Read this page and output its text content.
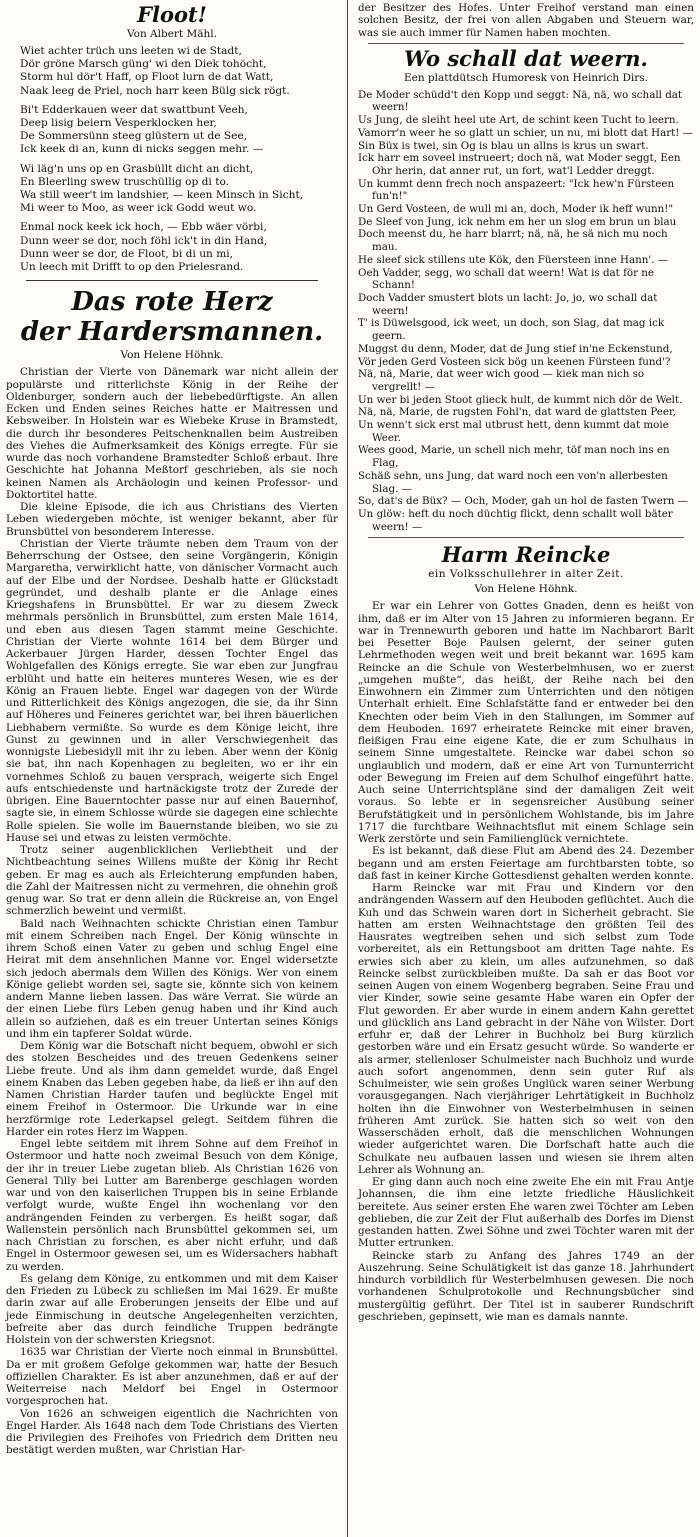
Floot!
Von Albert Mähl.
Wiet achter trüch uns leeten wi de Stadt,
Dör gröne Marsch güng' wi den Diek tohöcht,
Storm hul dör't Haff, op Floot lurn de dat Watt,
Naak leeg de Priel, noch harr keen Bülg sick rögt.
Bi't Edderkauen weer dat swattbunt Veeh,
Deep lisig beiern Vesperklocken her,
De Sommersünn steeg glüstern ut de See,
Ick keek di an, kunn di nicks seggen mehr. —
Wi läg'n uns op en Grasbüllt dicht an dicht,
En Bleerling swew truschüllig op di to.
Wa still weer't im landshier, — keen Minsch in Sicht,
Mi weer to Moo, as weer ick Godd weut wo.
Enmal nock keek ick hoch, — Ebb wäer vörbi,
Dunn weer se dor, noch föhl ick't in din Hand,
Dunn weer se dor, de Floot, bi di un mi,
Un leech mit Drifft to op den Prielesrand.
Das rote Herz
der Hardersmannen.
Von Helene Höhnk.

Christian der Vierte von Dänemark war nicht allein der populärste und ritterlichste König in der Reihe der Oldenburger, sondern auch der liebebedürftigste. An allen Ecken und Enden seines Reiches hatte er Maitressen und Kebsweiber. In Holstein war es Wiebeke Kruse in Bramstedt, die durch ihr besonderes Peitschenknallen beim Austreiben des Viehes die Aufmerksamkeit des Königs erregte. Für sie wurde das noch vorhandene Bramstedter Schloß erbaut. Ihre Geschichte hat Johanna Meßtorf geschrieben, als sie noch keinen Namen als Archäologin und keinen Professor- und Doktortitel hatte.

Die kleine Episode, die ich aus Christians des Vierten Leben wiedergeben möchte, ist weniger bekannt, aber für Brunsbüttel von besonderem Interesse.

Christian der Vierte träumte neben dem Traum von der Beherrschung der Ostsee, den seine Vorgängerin, Königin Margaretha, verwirklicht hatte, von dänischer Vormacht auch auf der Elbe und der Nordsee. Deshalb hatte er Glückstadt gegründet, und deshalb plante er die Anlage eines Kriegshafens in Brunsbüttel. Er war zu diesem Zweck mehrmals persönlich in Brunsbüttel, zum ersten Male 1614, und eben aus diesen Tagen stammt meine Geschichte. Christian der Vierte wohnte 1614 bei dem Bürger und Ackerbauer Jürgen Harder, dessen Tochter Engel das Wohlgefallen des Königs erregte. Sie war eben zur Jungfrau erblüht und hatte ein heiteres munteres Wesen, wie es der König an Frauen liebte. Engel war dagegen von der Würde und Ritterlichkeit des Königs angezogen, die sie, da ihr Sinn auf Höheres und Feineres gerichtet war, bei ihren bäuerlichen Liebhabern vermißte. So wurde es dem Könige leicht, ihre Gunst zu gewinnen und in aller Verschwiegenheit das wonnigste Liebesidyll mit ihr zu leben. Aber wenn der König sie bat, ihn nach Kopenhagen zu begleiten, wo er ihr ein vornehmes Schloß zu bauen versprach, weigerte sich Engel aufs entschiedenste und hartnäckigste trotz der Zurede der übrigen. Eine Bauerntochter passe nur auf einen Bauernhof, sagte sie, in einem Schlosse würde sie dagegen eine schlechte Rolle spielen. Sie wolle im Bauernstande bleiben, wo sie zu Hause sei und etwas zu leisten vermöchte.

Trotz seiner augenblicklichen Verliebtheit und der Nichtbeachtung seines Willens mußte der König ihr Recht geben. Er mag es auch als Erleichterung empfunden haben, die Zahl der Maitressen nicht zu vermehren, die ohnehin groß genug war. So trat er denn allein die Rückreise an, von Engel schmerzlich beweint und vermißt.

Bald nach Weihnachten schickte Christian einen Tambur mit einem Schreiben nach Engel. Der König wünschte in ihrem Schoß einen Vater zu geben und schlug Engel eine Heirat mit dem ansehnlichen Manne vor. Engel widersetzte sich jedoch abermals dem Willen des Königs. Wer von einem Könige geliebt worden sei, sagte sie, könnte sich von keinem andern Manne lieben lassen. Das wäre Verrat. Sie würde an der einen Liebe fürs Leben genug haben und ihr Kind auch allein so aufziehen, daß es ein treuer Untertan seines Königs und ihm ein tapferer Soldat würde.

Dem König war die Botschaft nicht bequem, obwohl er sich des stolzen Bescheides und des treuen Gedenkens seiner Liebe freute. Und als ihm dann gemeldet wurde, daß Engel einem Knaben das Leben gegeben habe, da ließ er ihn auf den Namen Christian Harder taufen und beglückte Engel mit einem Freihof in Ostermoor. Die Urkunde war in eine herzförmige rote Lederkapsel gelegt. Seitdem führen die Harder ein rotes Herz im Wappen.

Engel lebte seitdem mit ihrem Sohne auf dem Freihof in Ostermoor und hatte noch zweimal Besuch von dem Könige, der ihr in treuer Liebe zugetan blieb. Als Christian 1626 von General Tilly bei Lutter am Barenberge geschlagen worden war und von den kaiserlichen Truppen bis in seine Erblande verfolgt wurde, wußte Engel ihn wochenlang vor den andrängenden Feinden zu verbergen. Es heißt sogar, daß Wallenstein persönlich nach Brunsbüttel gekommen sei, um nach Christian zu forschen, es aber nicht erfuhr, und daß Engel in Ostermoor gewesen sei, um es Widersachers habhaft zu werden.

Es gelang dem Könige, zu entkommen und mit dem Kaiser den Frieden zu Lübeck zu schließen im Mai 1629. Er mußte darin zwar auf alle Eroberungen jenseits der Elbe und auf jede Einmischung in deutsche Angelegenheiten verzichten, befreite aber das durch feindliche Truppen bedrängte Holstein von der schwersten Kriegsnot.

1635 war Christian der Vierte noch einmal in Brunsbüttel. Da er mit großem Gefolge gekommen war, hatte der Besuch offiziellen Charakter. Es ist aber anzunehmen, daß er auf der Weiterreise nach Meldorf bei Engel in Ostermoor vorgesprochen hat.

Von 1626 an schweigen eigentlich die Nachrichten von Engel Harder. Als 1648 nach dem Tode Christians des Vierten die Privilegien des Freihofes von Friedrich dem Dritten neu bestätigt werden mußten, war Christian Har-

der Besitzer des Hofes. Unter Freihof verstand man einen solchen Besitz, der frei von allen Abgaben und Steuern war, was sie auch immer für Namen haben mochten.

Wo schall dat weern.
Een plattdütsch Humoresk von Heinrich Dirs.

De Moder schüdd't den Kopp und seggt: Nä, nä, wo schall dat weern!

Us Jung, de sleiht heel ute Art, de schint keen Tucht to leern.

Vamorr'n weer he so glatt un schier, un nu, mi blott dat Hart! —

Sin Büx is twei, sin Og is blau un allns is krus un swart.

Ick harr em soveel instrueert; doch nä, wat Moder seggt, Een Ohr herin, dat anner rut, un fort, wat'l Ledder dreggt.

Un kummt denn frech noch anspazeert: "Ick hew'n Fürsteen fun'n!"

Un Gerd Vosteen, de wull mi an, doch, Moder ik heff wunn!"

De Sleef von Jung, ick nehm em her un slog em brun un blau

Doch meenst du, he harr blarrt; nä, nä, he sä nich mu noch mau.

He sleef sick stillens ute Kök, den Füersteen inne Hann'. —

Oeh Vadder, segg, wo schall dat weern! Wat is dat för ne Schann!

Doch Vadder smustert blots un lacht: Jo, jo, wo schall dat weern!

T' is Düwelsgood, ick weet, un doch, son Slag, dat mag ick geern.

Muggst du denn, Moder, dat de Jung stief in'ne Eckenstund,

Vör jeden Gerd Vosteen sick bög un keenen Fürsteen fund'?

Nä, nä, Marie, dat weer wich good — kiek man nich so vergrellt! —

Un wer bi jeden Stoot glieck hult, de kummt nich dör de Welt.

Nä, nä, Marie, de rugsten Fohl'n, dat ward de glattsten Peer,

Un wenn't sick erst mal utbrust hett, denn kummt dat moie Weer.

Wees good, Marie, un schell nich mehr, töf man noch ins en Flag,

Schäß sehn, uns Jung, dat ward noch een von'n allerbesten Slag. —

So, dat's de Büx? — Och, Moder, gah un hol de fasten Twern —

Un glöw: heft du noch düchtig flickt, denn schallt woll bäter weern! —

Harm Reincke
ein Volksschullehrer in alter Zeit.
Von Helene Höhnk.

Er war ein Lehrer von Gottes Gnaden, denn es heißt von ihm, daß er im Alter von 15 Jahren zu informieren begann. Er war in Trennewurth geboren und hatte im Nachbarort Barlt bei Pesetter Boje Paulsen gelernt, der seiner guten Lehrmethoden wegen weit und breit bekannt war. 1695 kam Reincke an die Schule von Westerbelmhusen, wo er zuerst „umgehen mußte“, das heißt, der Reihe nach bei den Einwohnern ein Zimmer zum Unterrichten und den nötigen Unterhalt erhielt. Eine Schlafstätte fand er entweder bei den Knechten oder beim Vieh in den Stallungen, im Sommer auf dem Heuboden. 1697 erheiratete Reincke mit einer braven, fleißigen Frau eine eigene Kate, die er zum Schulhaus in seinem Sinne umgestaltete. Reincke war dabei schon so unglaublich und modern, daß er eine Art von Turnunterricht oder Bewegung im Freien auf dem Schulhof eingeführt hatte. Auch seine Unterrichtspläne sind der damaligen Zeit weit voraus. So lebte er in segensreicher Ausübung seiner Berufstätigkeit und in persönlichem Wohlstande, bis im Jahre 1717 die furchtbare Weihnachtsflut mit einem Schlage sein Werk zerstörte und sein Familienglück vernichtete.

Es ist bekannt, daß diese Flut am Abend des 24. Dezember begann und am ersten Feiertage am furchtbarsten tobte, so daß fast in keiner Kirche Gottesdienst gehalten werden konnte.

Harm Reincke war mit Frau und Kindern vor den andrängenden Wassern auf den Heuboden geflüchtet. Auch die Kuh und das Schwein waren dort in Sicherheit gebracht. Sie hatten am ersten Weihnachtstage den größten Teil des Hausrates wegtreiben sehen und sich selbst zum Tode vorbereitet, als ein Rettungsboot am dritten Tage nahte. Es erwies sich aber zu klein, um alles aufzunehmen, so daß Reincke selbst zurückbleiben mußte. Da sah er das Boot vor seinen Augen von einem Wogenberg begraben. Seine Frau und vier Kinder, sowie seine gesamte Habe waren ein Opfer der Flut geworden. Er aber wurde in einem andern Kahn gerettet und glücklich ans Land gebracht in der Nähe von Wilster. Dort erfuhr er, daß der Lehrer in Buchholz bei Burg kürzlich gestorben wäre und ein Ersatz gesucht würde. So wanderte er als armer, stellenloser Schulmeister nach Buchholz und wurde auch sofort angenommen, denn sein guter Ruf als Schulmeister, wie sein großes Unglück waren seiner Werbung vorausgegangen. Nach vierjähriger Lehrtätigkeit in Buchholz holten ihn die Einwohner von Westerbelmhusen in seinen früheren Amt zurück. Sie hatten sich so weit von den Wasserschäden erholt, daß die menschlichen Wohnungen wieder aufgerichtet waren. Die Dorfschaft hatte auch die Schulkate neu aufbauen lassen und wiesen sie ihrem alten Lehrer als Wohnung an.

Er ging dann auch noch eine zweite Ehe ein mit Frau Antje Johannsen, die ihm eine letzte friedliche Häuslichkeit bereitete. Aus seiner ersten Ehe waren zwei Töchter am Leben geblieben, die zur Zeit der Flut außerhalb des Dorfes im Dienst gestanden hatten. Zwei Söhne und zwei Töchter waren mit der Mutter ertrunken.

Reincke starb zu Anfang des Jahres 1749 an der Auszehrung. Seine Schulätigkeit ist das ganze 18. Jahrhundert hindurch vorbildlich für Westerbelmhusen gewesen. Die noch vorhandenen Schulprotokolle und Rechnungsbücher sind mustergültig geführt. Der Titel ist in sauberer Rundschrift geschrieben, gepinsett, wie man es damals nannte.
